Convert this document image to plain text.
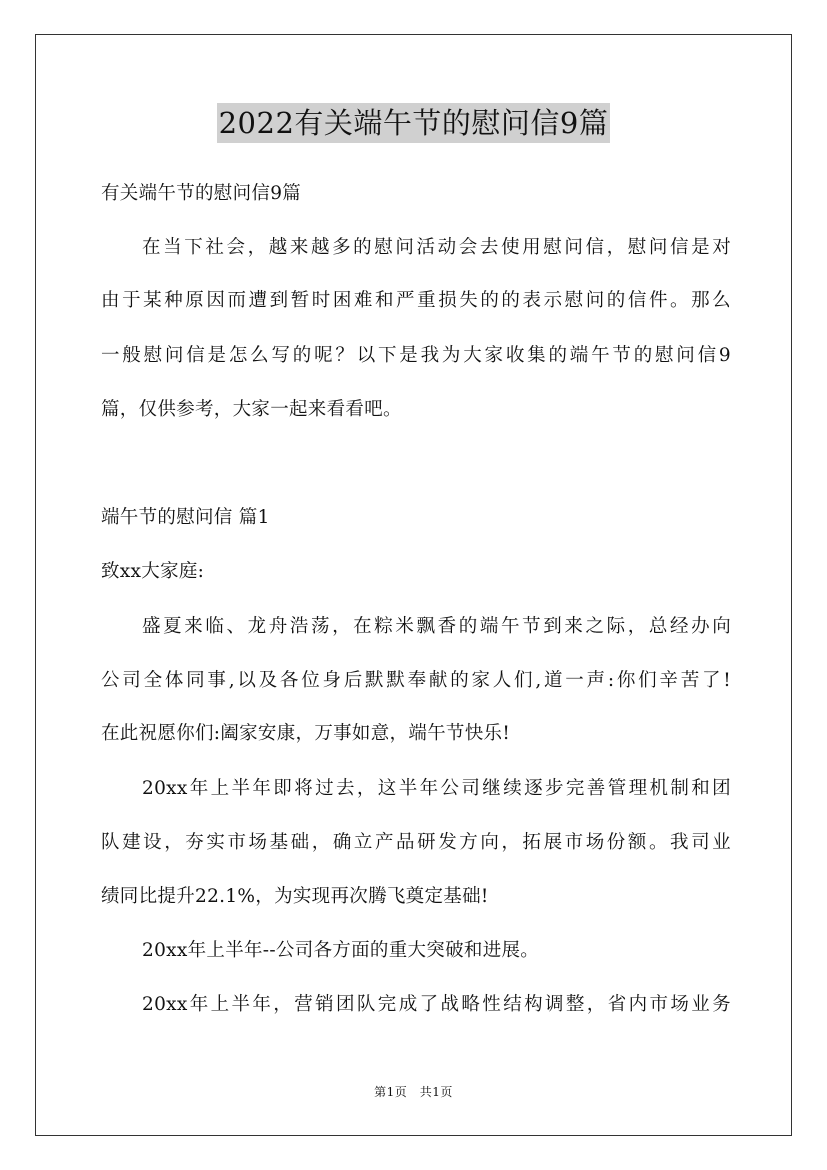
2022有关端午节的慰问信9篇
有关端午节的慰问信9篇
在当下社会，越来越多的慰问活动会去使用慰问信，慰问信是对
由于某种原因而遭到暂时困难和严重损失的的表示慰问的信件。那么
一般慰问信是怎么写的呢？以下是我为大家收集的端午节的慰问信9
篇，仅供参考，大家一起来看看吧。
端午节的慰问信 篇1
致xx大家庭:
盛夏来临、龙舟浩荡，在粽米飘香的端午节到来之际，总经办向
公司全体同事,以及各位身后默默奉献的家人们,道一声:你们辛苦了!
在此祝愿你们:阖家安康，万事如意，端午节快乐!
20xx年上半年即将过去，这半年公司继续逐步完善管理机制和团
队建设，夯实市场基础，确立产品研发方向，拓展市场份额。我司业
绩同比提升22.1%，为实现再次腾飞奠定基础!
20xx年上半年--公司各方面的重大突破和进展。
20xx年上半年，营销团队完成了战略性结构调整，省内市场业务
第1页　共1页
